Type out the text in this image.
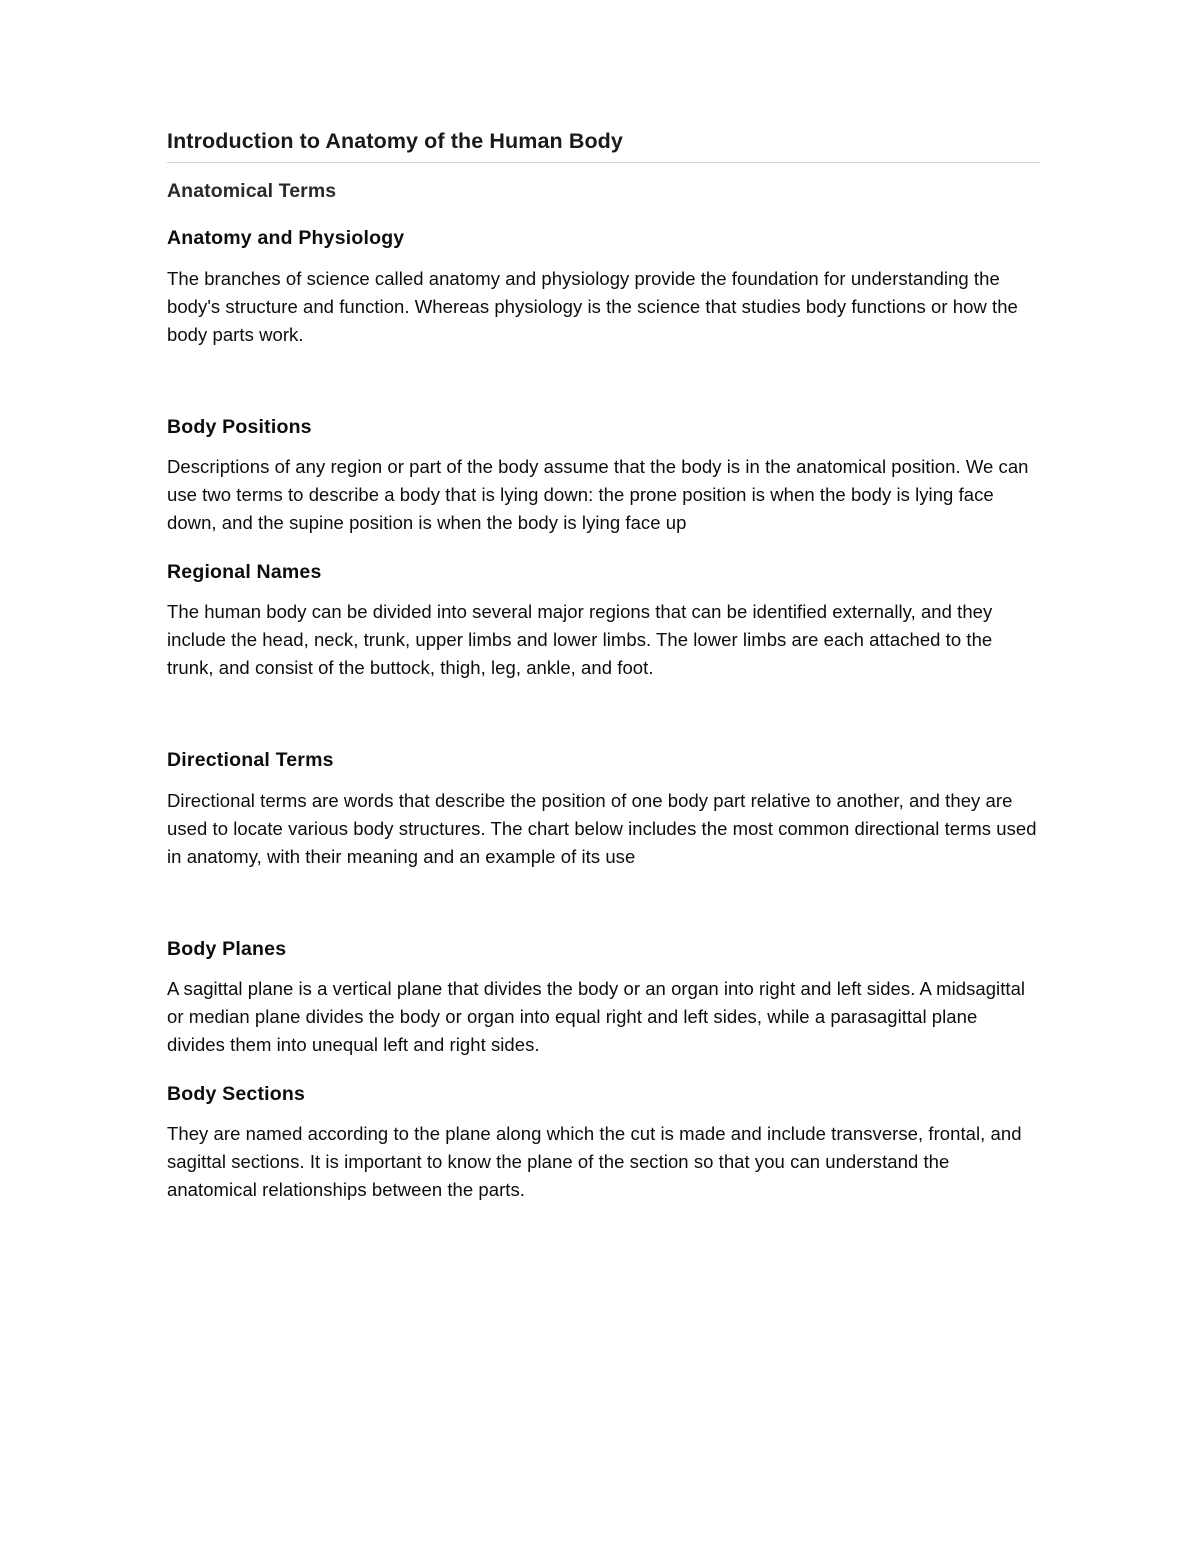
Introduction to Anatomy of the Human Body
Anatomical Terms
Anatomy and Physiology

The branches of science called anatomy and physiology provide the foundation for understanding the body's structure and function. Whereas physiology is the science that studies body functions or how the body parts work.

Body Positions

Descriptions of any region or part of the body assume that the body is in the anatomical position. We can use two terms to describe a body that is lying down: the prone position is when the body is lying face down, and the supine position is when the body is lying face up

Regional Names

The human body can be divided into several major regions that can be identified externally, and they include the head, neck, trunk, upper limbs and lower limbs. The lower limbs are each attached to the trunk, and consist of the buttock, thigh, leg, ankle, and foot.

Directional Terms

Directional terms are words that describe the position of one body part relative to another, and they are used to locate various body structures. The chart below includes the most common directional terms used in anatomy, with their meaning and an example of its use

Body Planes

A sagittal plane is a vertical plane that divides the body or an organ into right and left sides. A midsagittal or median plane divides the body or organ into equal right and left sides, while a parasagittal plane divides them into unequal left and right sides.

Body Sections

They are named according to the plane along which the cut is made and include transverse, frontal, and sagittal sections. It is important to know the plane of the section so that you can understand the anatomical relationships between the parts.
